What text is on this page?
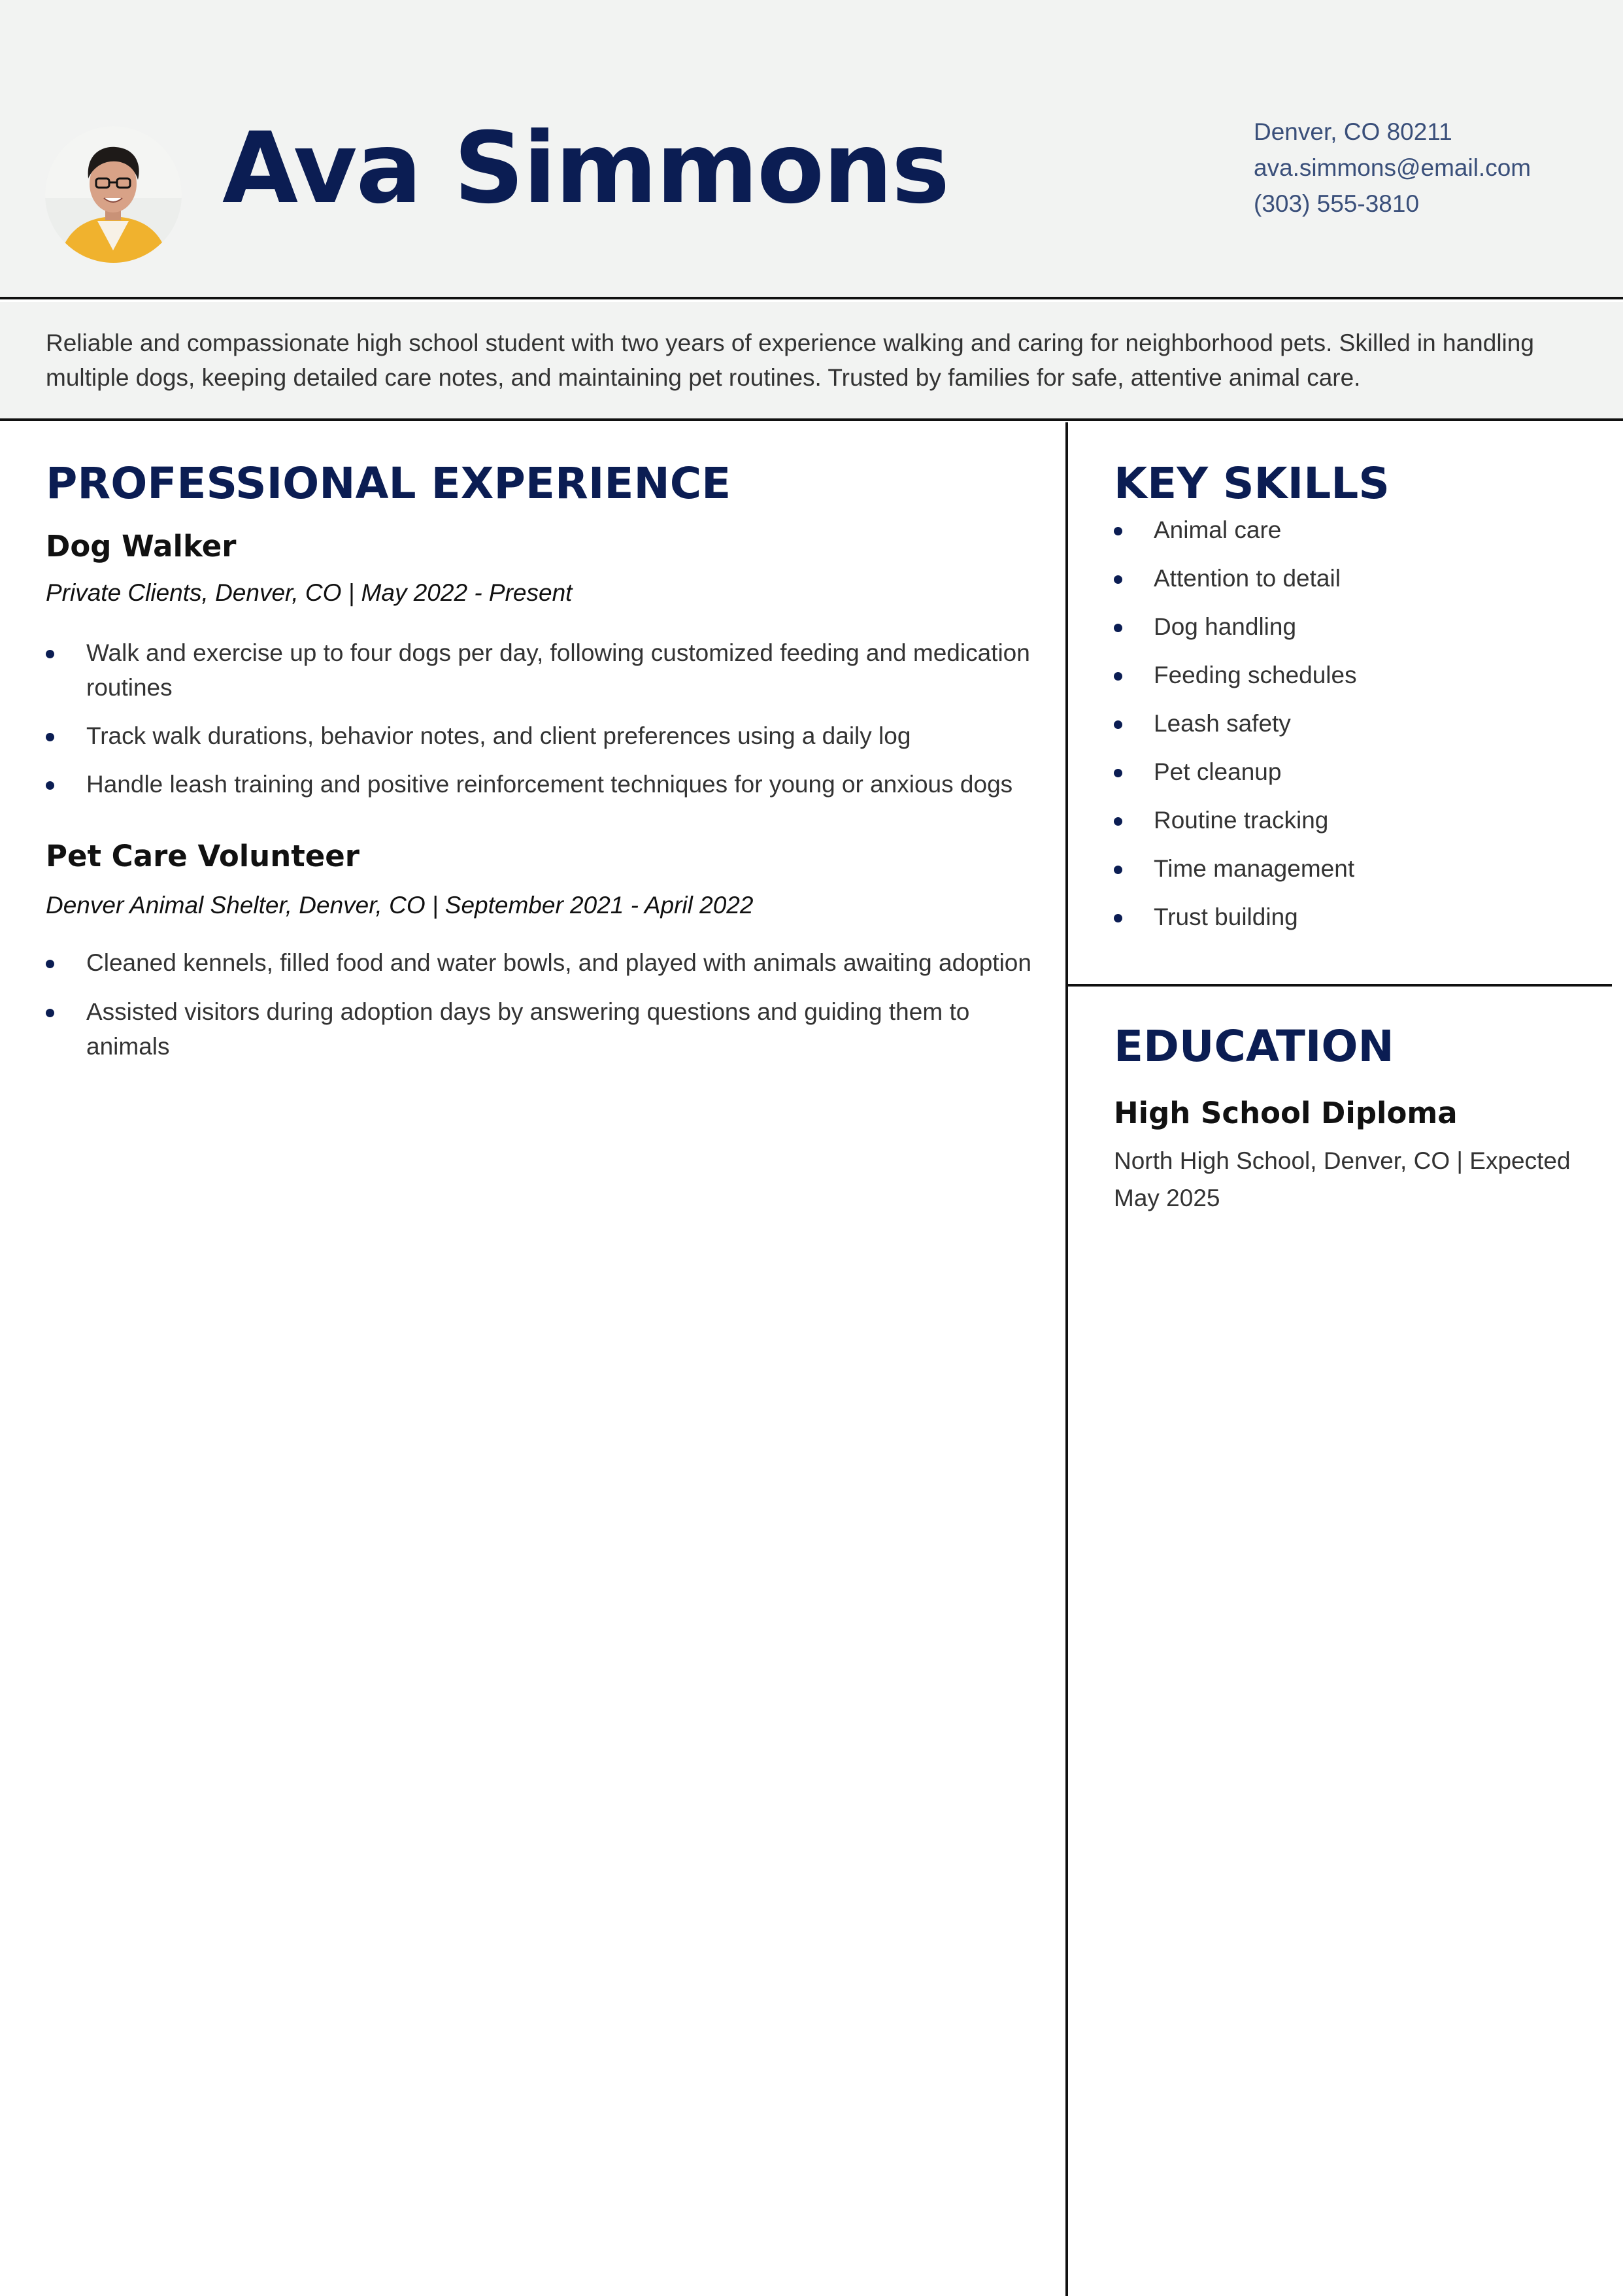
Ava Simmons	Denver, CO 80211
ava.simmons@email.com
(303) 555-3810
Reliable and compassionate high school student with two years of experience walking and caring for neighborhood pets. Skilled in handling multiple dogs, keeping detailed care notes, and maintaining pet routines. Trusted by families for safe, attentive animal care.
PROFESSIONAL EXPERIENCE
Dog Walker
Private Clients, Denver, CO | May 2022 - Present
Walk and exercise up to four dogs per day, following customized feeding and medication routines
Track walk durations, behavior notes, and client preferences using a daily log
Handle leash training and positive reinforcement techniques for young or anxious dogs
Pet Care Volunteer
Denver Animal Shelter, Denver, CO | September 2021 - April 2022
Cleaned kennels, filled food and water bowls, and played with animals awaiting adoption
Assisted visitors during adoption days by answering questions and guiding them to animals
KEY SKILLS
Animal care
Attention to detail
Dog handling
Feeding schedules
Leash safety
Pet cleanup
Routine tracking
Time management
Trust building
EDUCATION
High School Diploma
North High School, Denver, CO | Expected May 2025
